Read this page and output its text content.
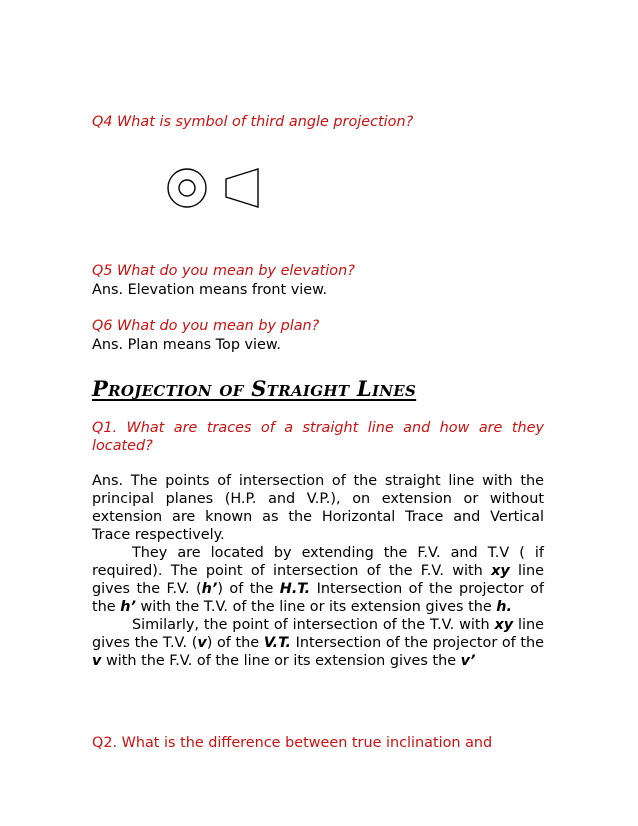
Q4 What is symbol of third angle projection?
Q5 What do you mean by elevation?
Ans. Elevation means front view.
Q6 What do you mean by plan?
Ans. Plan means Top view.
Projection of Straight Lines
Q1. What are traces of a straight line and how are they located?

Ans. The points of intersection of the straight line with the principal planes (H.P. and V.P.), on extension or without extension are known as the Horizontal Trace and Vertical Trace respectively.

They are located by extending the F.V. and T.V ( if required). The point of intersection of the F.V. with xy line gives the F.V. (h’) of the H.T. Intersection of the projector of the h’ with the T.V. of the line or its extension gives the h.

Similarly, the point of intersection of the T.V. with xy line gives the T.V. (v) of the V.T. Intersection of the projector of the v with the F.V. of the line or its extension gives the v’

Q2. What is the difference between true inclination and
